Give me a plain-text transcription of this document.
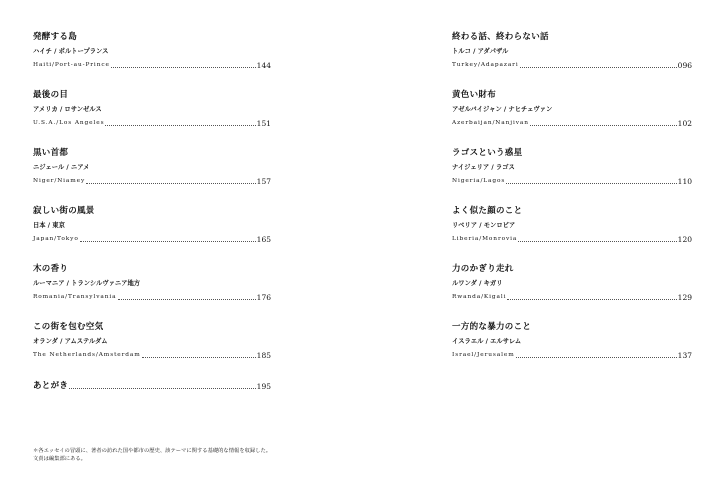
発酵する島
ハイチ / ポルトープランス
Haiti/Port-au-Prince	144
最後の目
アメリカ / ロサンゼルス
U.S.A./Los Angeles	151
黒い首都
ニジェール / ニアメ
Niger/Niamey	157
寂しい街の風景
日本 / 東京
Japan/Tokyo	165
木の香り
ルーマニア / トランシルヴァニア地方
Romania/Transylvania	176
この街を包む空気
オランダ / アムステルダム
The Netherlands/Amsterdam	185
あとがき	195
＊各エッセイの冒頭に、著者の訪れた国や都市の歴史、該テーマに関する基礎的な情報を収録した。
文責は編集部にある。
終わる話、終わらない話
トルコ / アダパザル
Turkey/Adapazari	096
黄色い財布
アゼルバイジャン / ナヒチェヴァン
Azerbaijan/Nanjivan	102
ラゴスという惑星
ナイジェリア / ラゴス
Nigeria/Lagos	110
よく似た顔のこと
リベリア / モンロビア
Liberia/Monrovia	120
力のかぎり走れ
ルワンダ / キガリ
Rwanda/Kigali	129
一方的な暴力のこと
イスラエル / エルサレム
Israel/Jerusalem	137
